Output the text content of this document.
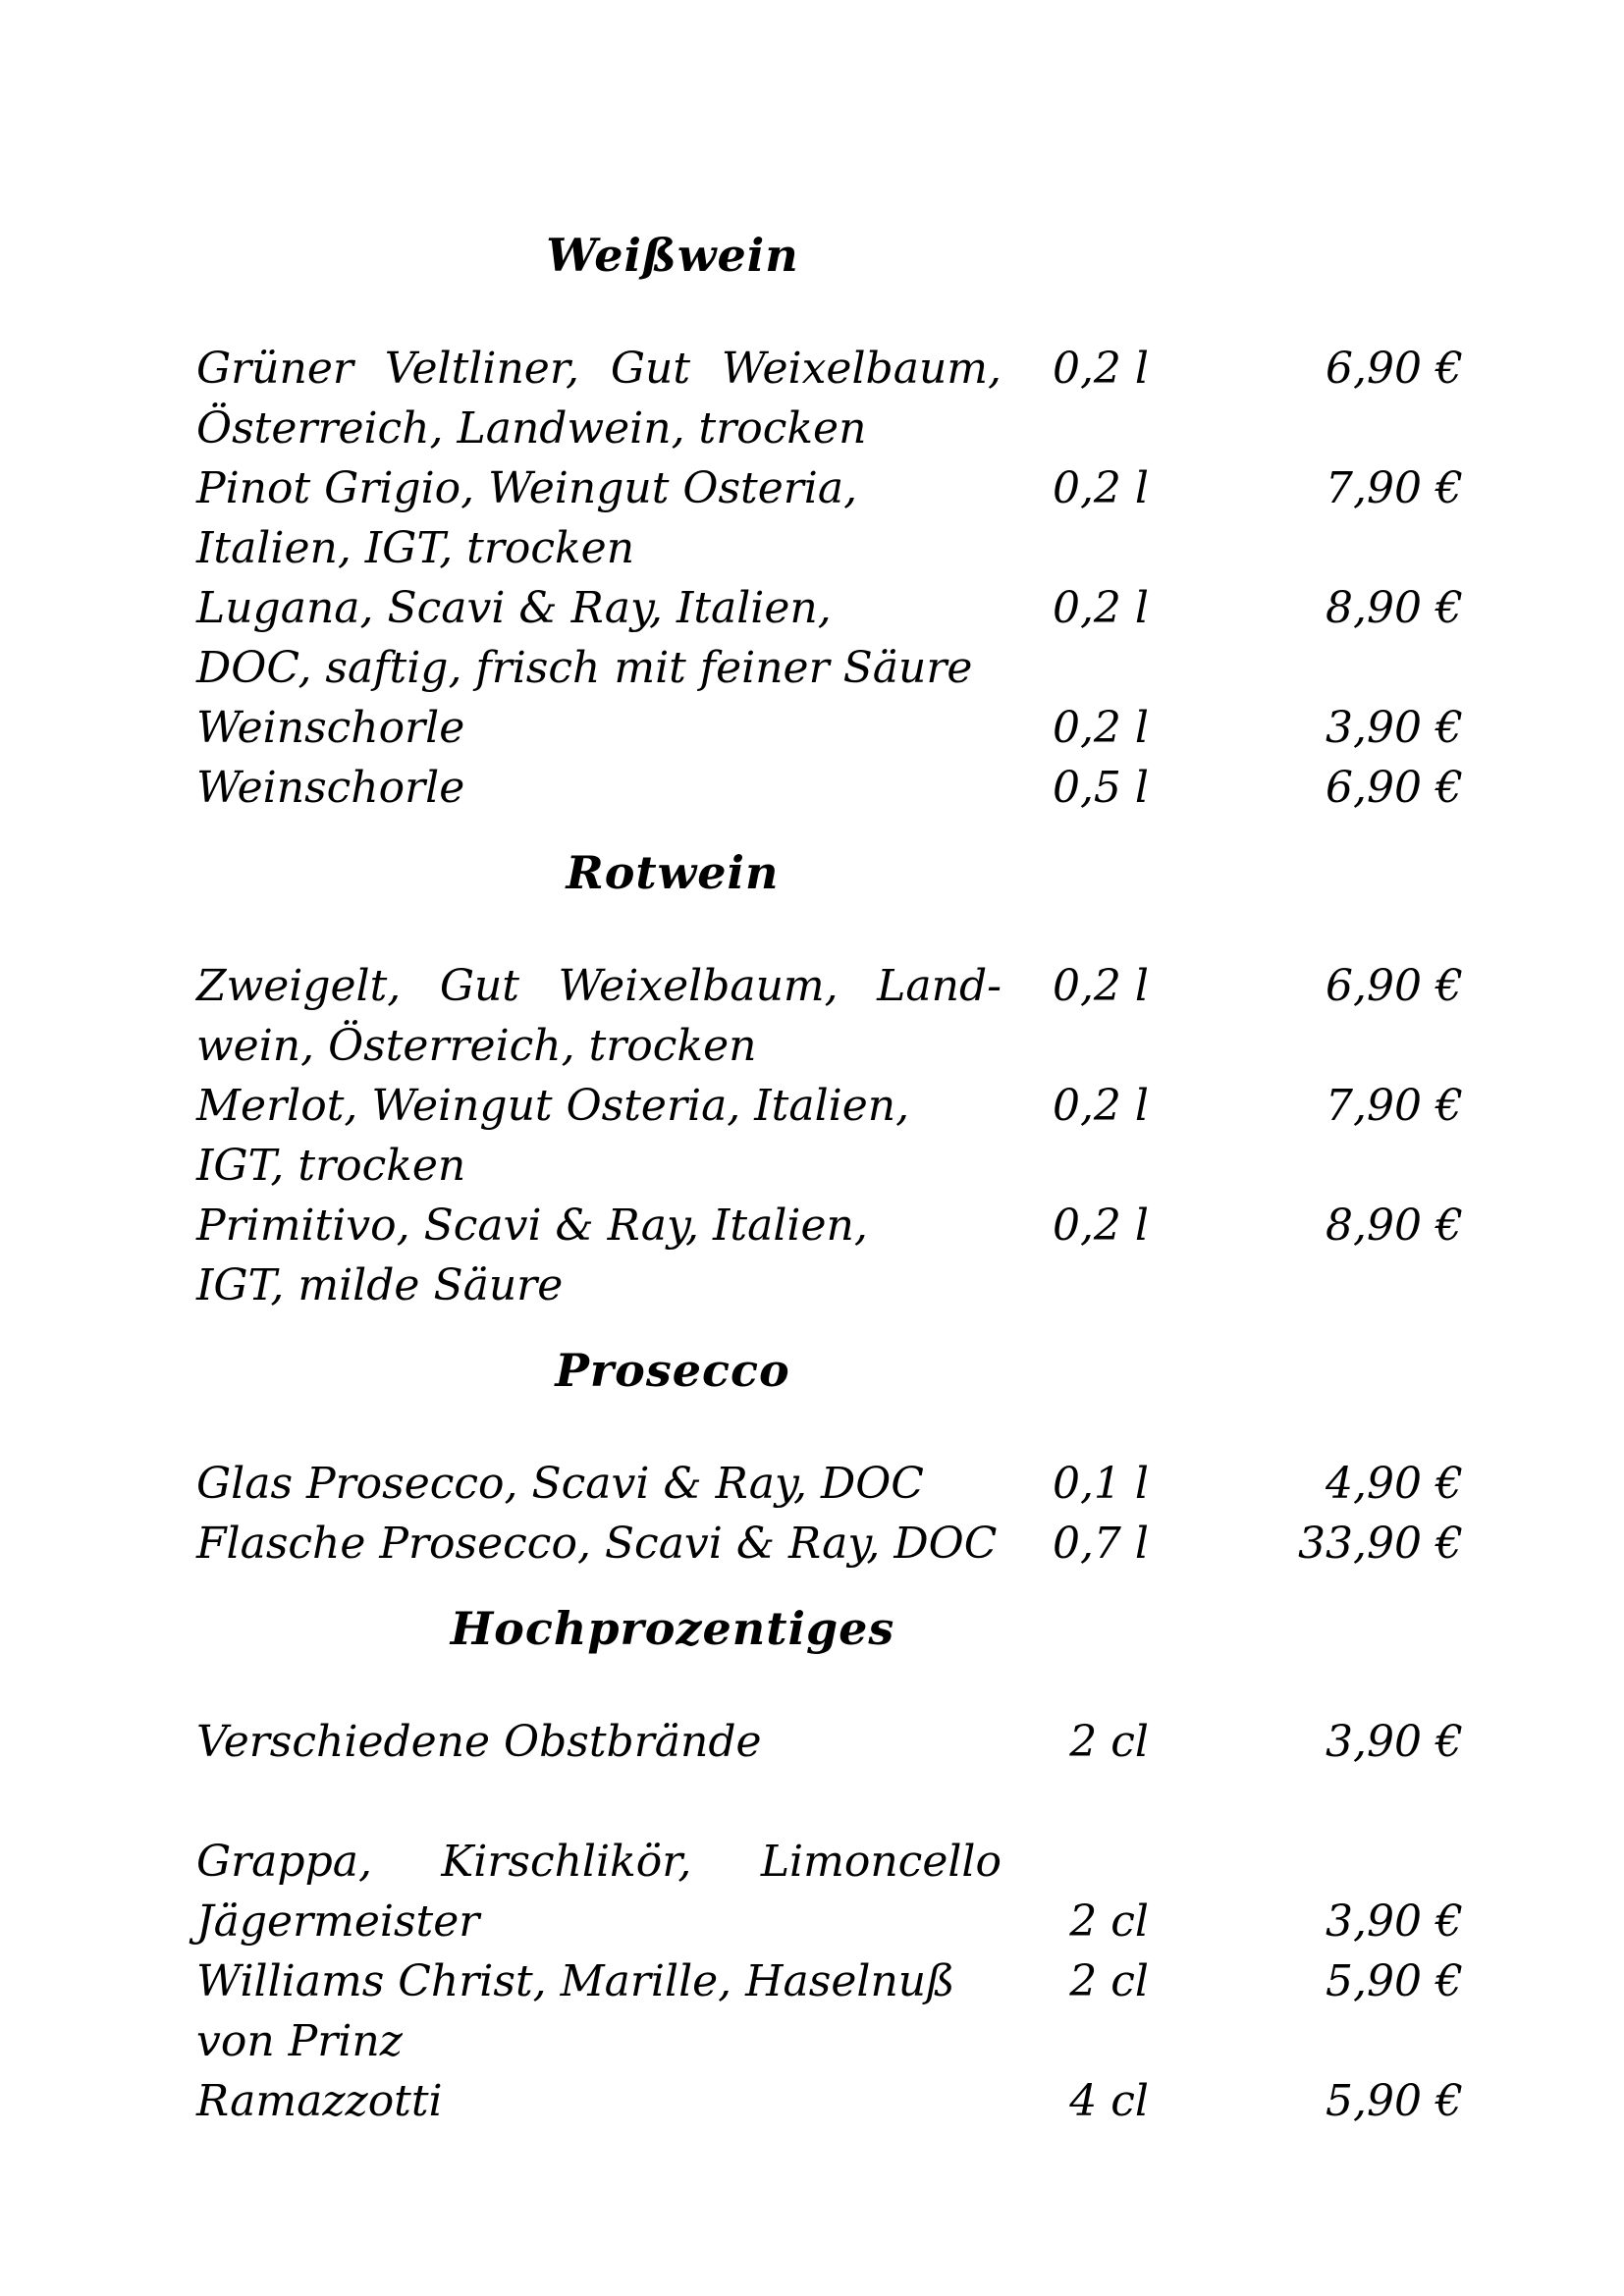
Weißwein
Grüner Veltliner, Gut Weixelbaum,
Österreich, Landwein, trocken
0,2 l	6,90 €
Pinot Grigio, Weingut Osteria,
Italien, IGT, trocken
0,2 l	7,90 €
Lugana, Scavi & Ray, Italien,
DOC, saftig, frisch mit feiner Säure
0,2 l	8,90 €
Weinschorle	0,2 l	3,90 €
Weinschorle	0,5 l	6,90 €
Rotwein
Zweigelt, Gut Weixelbaum, Land-
wein, Österreich, trocken
0,2 l	6,90 €
Merlot, Weingut Osteria, Italien,
IGT, trocken
0,2 l	7,90 €
Primitivo, Scavi & Ray, Italien,
IGT, milde Säure
0,2 l	8,90 €
Prosecco
Glas Prosecco, Scavi & Ray, DOC	0,1 l	4,90 €
Flasche Prosecco, Scavi & Ray, DOC	0,7 l	33,90 €
Hochprozentiges
Verschiedene Obstbrände	2 cl	3,90 €
Grappa, Kirschlikör, Limoncello
Jägermeister	2 cl	3,90 €
Williams Christ, Marille, Haselnuß
von Prinz
2 cl	5,90 €
Ramazzotti	4 cl	5,90 €
